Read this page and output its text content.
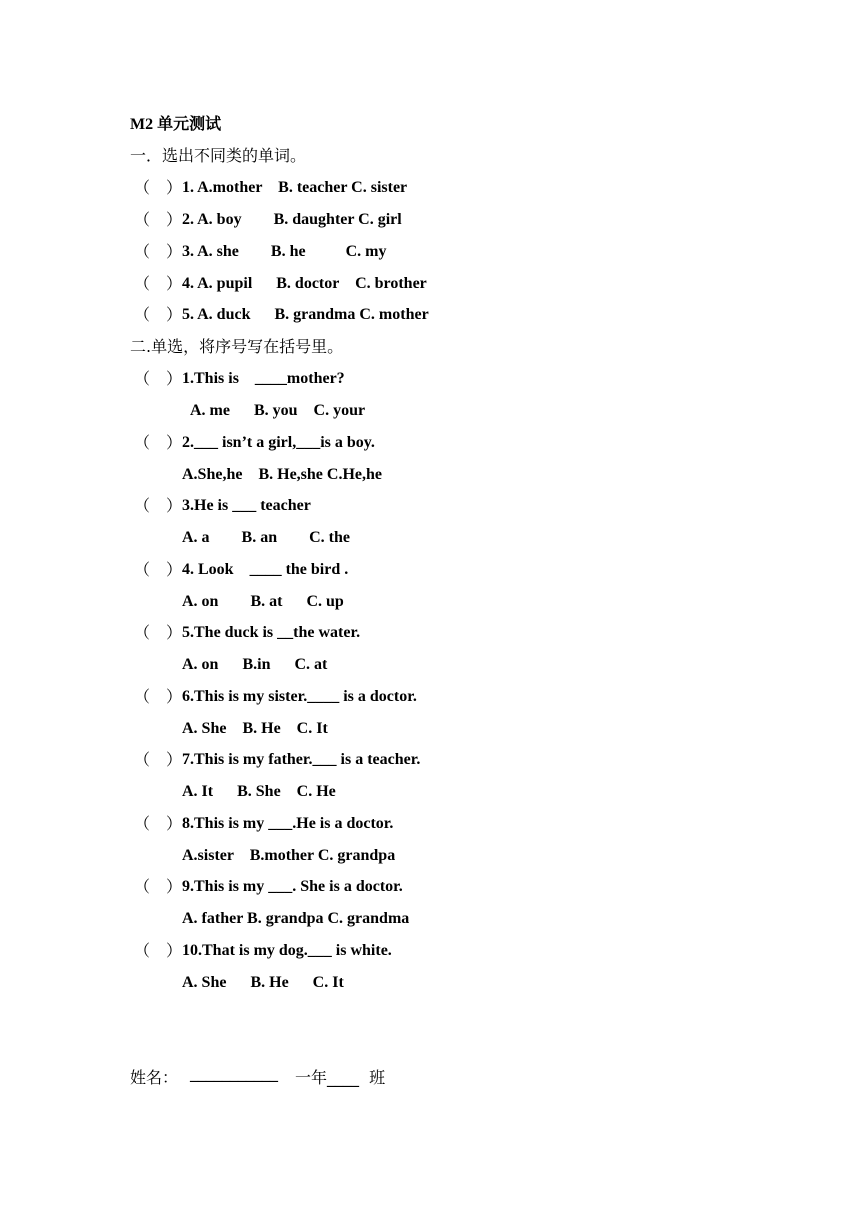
M2 单元测试
一．选出不同类的单词。
（　） 1. A.mother    B. teacher C. sister
（　） 2. A. boy        B. daughter C. girl
（　） 3. A. she        B. he          C. my
（　） 4. A. pupil      B. doctor    C. brother
（　） 5. A. duck      B. grandma C. mother
二.单选，将序号写在括号里。
（　） 1.This is    ____mother?
A. me      B. you    C. your
（　） 2.___ isn’t a girl,___is a boy.
A.She,he    B. He,she C.He,he
（　） 3.He is ___ teacher
A. a        B. an        C. the
（　） 4. Look    ____ the bird .
A. on        B. at      C. up
（　） 5.The duck is __the water.
A. on      B.in      C. at
（　） 6.This is my sister.____ is a doctor.
A. She    B. He    C. It
（　） 7.This is my father.___ is a teacher.
A. It      B. She    C. He
（　） 8.This is my ___.He is a doctor.
A.sister    B.mother C. grandpa
（　） 9.This is my ___. She is a doctor.
A. father B. grandpa C. grandma
（　） 10.That is my dog.___ is white.
A. She      B. He      C. It
姓名： ___________ 一年____  班
